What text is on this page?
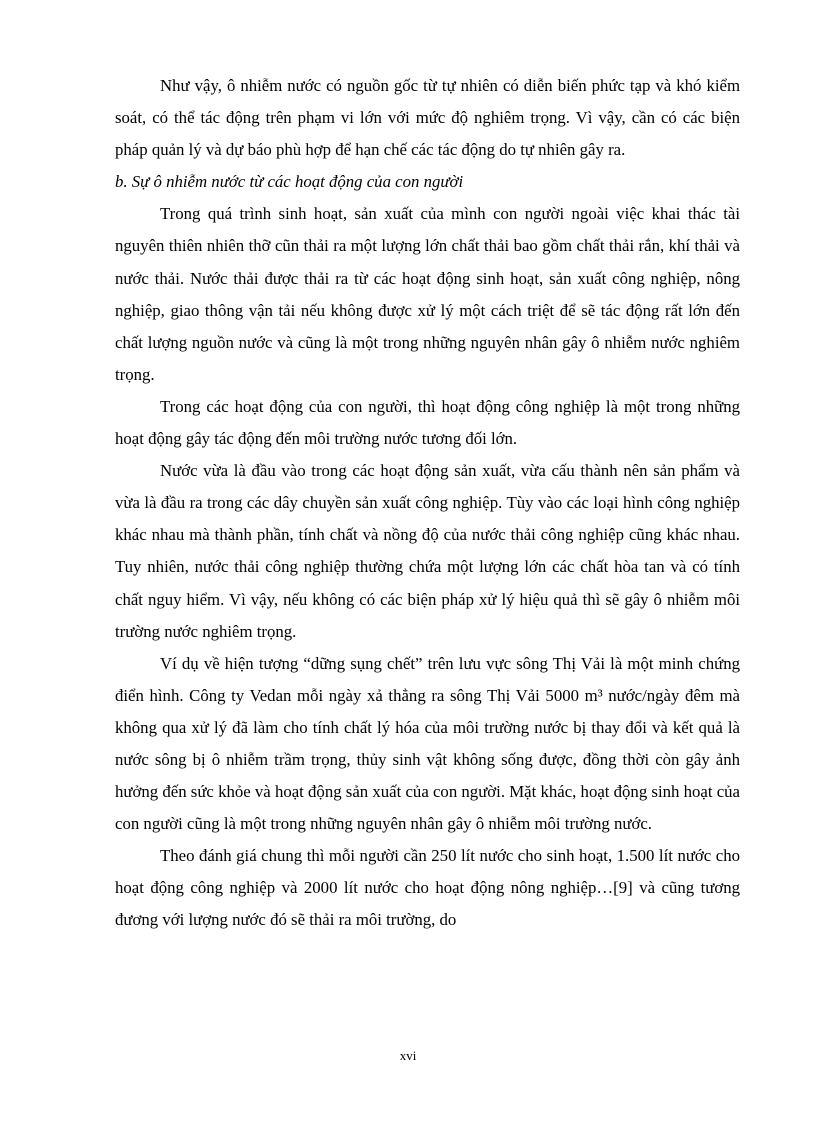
Như vậy, ô nhiễm nước có nguồn gốc từ tự nhiên có diễn biến phức tạp và khó kiểm soát, có thể tác động trên phạm vi lớn với mức độ nghiêm trọng. Vì vậy, cần có các biện pháp quản lý và dự báo phù hợp để hạn chế các tác động do tự nhiên gây ra.

b. Sự ô nhiễm nước từ các hoạt động của con người

Trong quá trình sinh hoạt, sản xuất của mình con người ngoài việc khai thác tài nguyên thiên nhiên thỡ cũn thải ra một lượng lớn chất thải bao gồm chất thải rắn, khí thải và nước thải. Nước thải được thải ra từ các hoạt động sinh hoạt, sản xuất công nghiệp, nông nghiệp, giao thông vận tải nếu không được xử lý một cách triệt để sẽ tác động rất lớn đến chất lượng nguồn nước và cũng là một trong những nguyên nhân gây ô nhiễm nước nghiêm trọng.

Trong các hoạt động của con người, thì hoạt động công nghiệp là một trong những hoạt động gây tác động đến môi trường nước tương đối lớn.

Nước vừa là đầu vào trong các hoạt động sản xuất, vừa cấu thành nên sản phẩm và vừa là đầu ra trong các dây chuyền sản xuất công nghiệp. Tùy vào các loại hình công nghiệp khác nhau mà thành phần, tính chất và nồng độ của nước thải công nghiệp cũng khác nhau. Tuy nhiên, nước thải công nghiệp thường chứa một lượng lớn các chất hòa tan và có tính chất nguy hiểm. Vì vậy, nếu không có các biện pháp xử lý hiệu quả thì sẽ gây ô nhiễm môi trường nước nghiêm trọng.

Ví dụ về hiện tượng “dững sụng chết” trên lưu vực sông Thị Vải là một minh chứng điển hình. Công ty Vedan mỗi ngày xả thẳng ra sông Thị Vải 5000 m³ nước/ngày đêm mà không qua xử lý đã làm cho tính chất lý hóa của môi trường nước bị thay đổi và kết quả là nước sông bị ô nhiễm trầm trọng, thủy sinh vật không sống được, đồng thời còn gây ảnh hưởng đến sức khỏe và hoạt động sản xuất của con người. Mặt khác, hoạt động sinh hoạt của con người cũng là một trong những nguyên nhân gây ô nhiễm môi trường nước.

Theo đánh giá chung thì mỗi người cần 250 lít nước cho sinh hoạt, 1.500 lít nước cho hoạt động công nghiệp và 2000 lít nước cho hoạt động nông nghiệp…[9] và cũng tương đương với lượng nước đó sẽ thải ra môi trường, do

xvi
